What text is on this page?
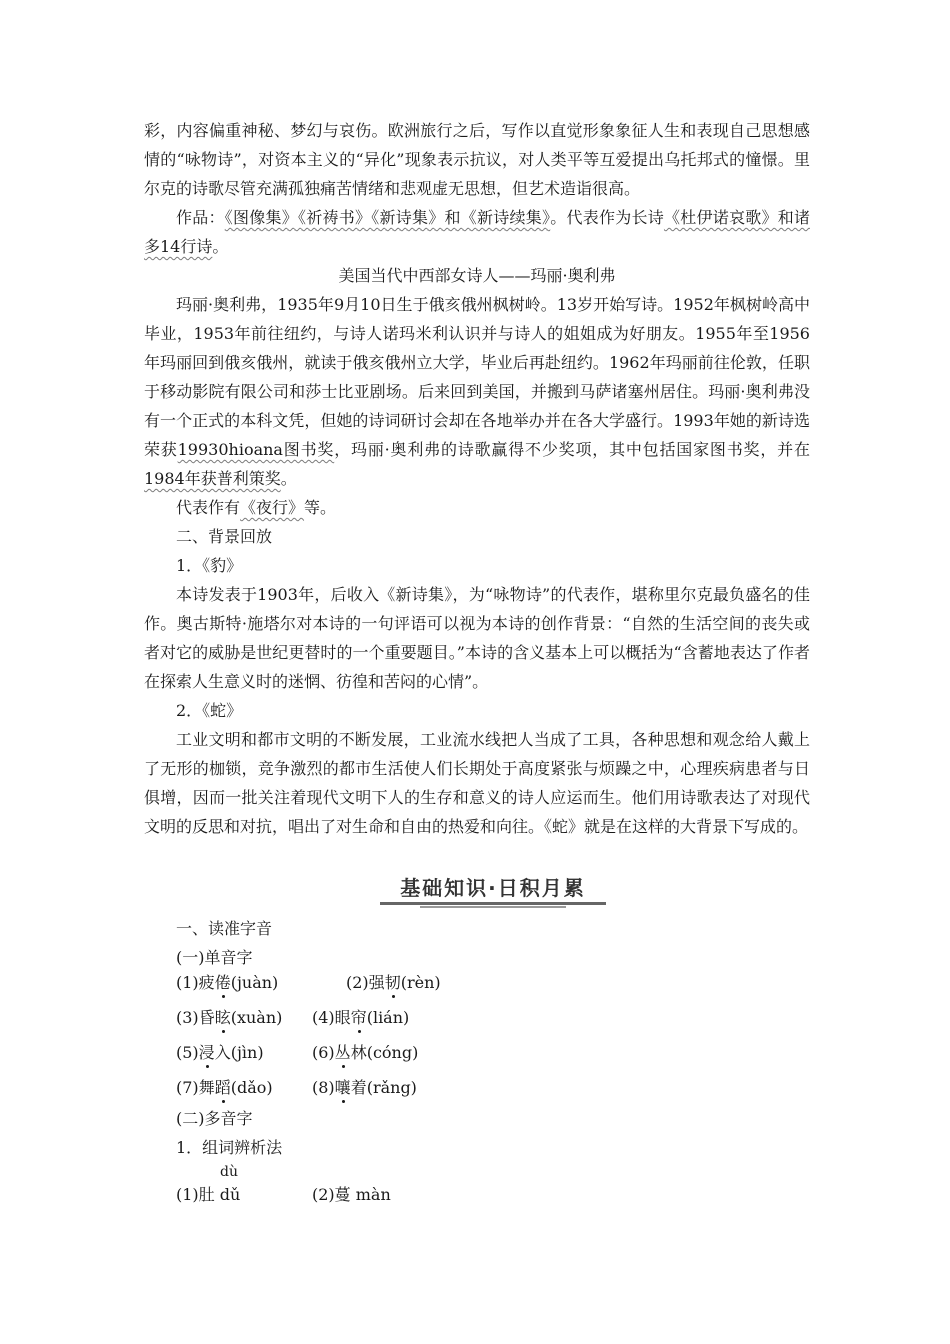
彩，内容偏重神秘、梦幻与哀伤。欧洲旅行之后，写作以直觉形象象征人生和表现自己思想感情的“咏物诗”，对资本主义的“异化”现象表示抗议，对人类平等互爱提出乌托邦式的憧憬。里尔克的诗歌尽管充满孤独痛苦情绪和悲观虚无思想，但艺术造诣很高。

作品：《图像集》《祈祷书》《新诗集》和《新诗续集》。代表作为长诗《杜伊诺哀歌》和诸多14行诗。

美国当代中西部女诗人——玛丽·奥利弗

玛丽·奥利弗，1935年9月10日生于俄亥俄州枫树岭。13岁开始写诗。1952年枫树岭高中毕业，1953年前往纽约，与诗人诺玛米利认识并与诗人的姐姐成为好朋友。1955年至1956年玛丽回到俄亥俄州，就读于俄亥俄州立大学，毕业后再赴纽约。1962年玛丽前往伦敦，任职于移动影院有限公司和莎士比亚剧场。后来回到美国，并搬到马萨诸塞州居住。玛丽·奥利弗没有一个正式的本科文凭，但她的诗词研讨会却在各地举办并在各大学盛行。1993年她的新诗选荣获19930hioana图书奖，玛丽·奥利弗的诗歌赢得不少奖项，其中包括国家图书奖，并在1984年获普利策奖。

代表作有《夜行》等。

二、背景回放

1．《豹》

本诗发表于1903年，后收入《新诗集》，为“咏物诗”的代表作，堪称里尔克最负盛名的佳作。奥古斯特·施塔尔对本诗的一句评语可以视为本诗的创作背景：“自然的生活空间的丧失或者对它的威胁是世纪更替时的一个重要题目。”本诗的含义基本上可以概括为“含蓄地表达了作者在探索人生意义时的迷惘、彷徨和苦闷的心情”。

2．《蛇》

工业文明和都市文明的不断发展，工业流水线把人当成了工具，各种思想和观念给人戴上了无形的枷锁，竞争激烈的都市生活使人们长期处于高度紧张与烦躁之中，心理疾病患者与日俱增，因而一批关注着现代文明下人的生存和意义的诗人应运而生。他们用诗歌表达了对现代文明的反思和对抗，唱出了对生命和自由的热爱和向往。《蛇》就是在这样的大背景下写成的。

基础知识·日积月累

一、读准字音

(一)单音字

(1)疲倦(juàn)	(2)强韧(rèn)
(3)昏眩(xuàn) (4)眼帘(lián)
(5)浸入(jìn)	(6)丛林(cóng)
(7)舞蹈(dǎo) (8)嚷着(rǎng)

(二)多音字

1．组词辨析法

dù
(1)肚 dǔ	(2)蔓 màn
